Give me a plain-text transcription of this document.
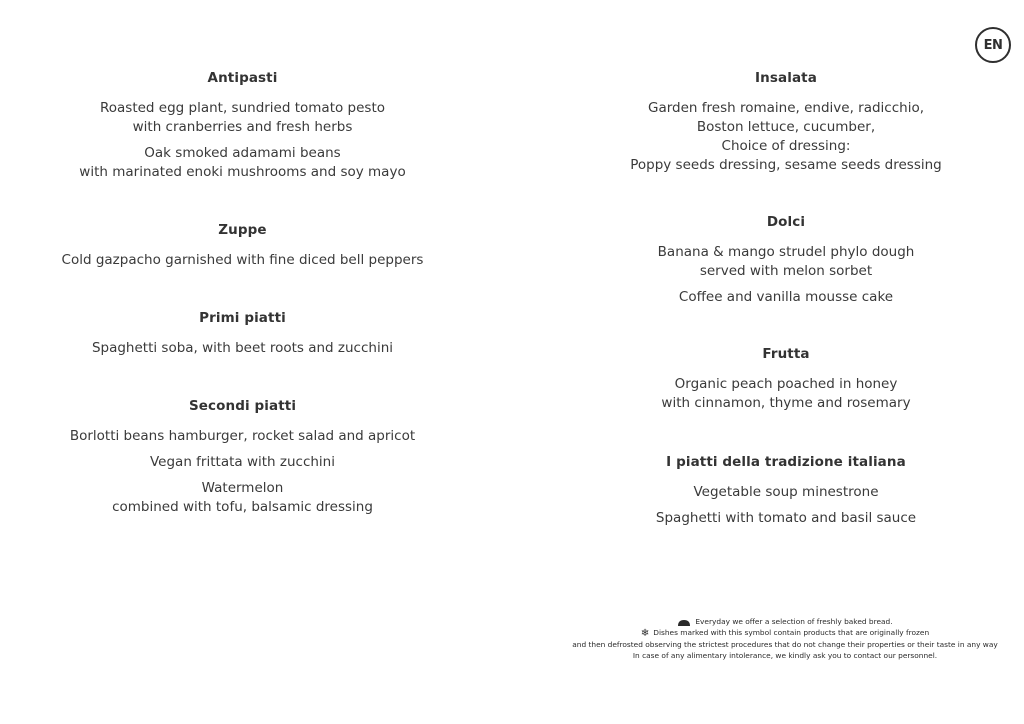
EN
Antipasti
Roasted egg plant, sundried tomato pesto
with cranberries and fresh herbs
Oak smoked adamami beans
with marinated enoki mushrooms and soy mayo
Zuppe
Cold gazpacho garnished with fine diced bell peppers
Primi piatti
Spaghetti soba, with beet roots and zucchini
Secondi piatti
Borlotti beans hamburger, rocket salad and apricot
Vegan frittata with zucchini
Watermelon
combined with tofu, balsamic dressing
Insalata
Garden fresh romaine, endive, radicchio,
Boston lettuce, cucumber,
Choice of dressing:
Poppy seeds dressing, sesame seeds dressing
Dolci
Banana & mango strudel phylo dough
served with melon sorbet
Coffee and vanilla mousse cake
Frutta
Organic peach poached in honey
with cinnamon, thyme and rosemary
I piatti della tradizione italiana
Vegetable soup minestrone
Spaghetti with tomato and basil sauce
Everyday we offer a selection of freshly baked bread.
❄ Dishes marked with this symbol contain products that are originally frozen
and then defrosted observing the strictest procedures that do not change their properties or their taste in any way
In case of any alimentary intolerance, we kindly ask you to contact our personnel.
